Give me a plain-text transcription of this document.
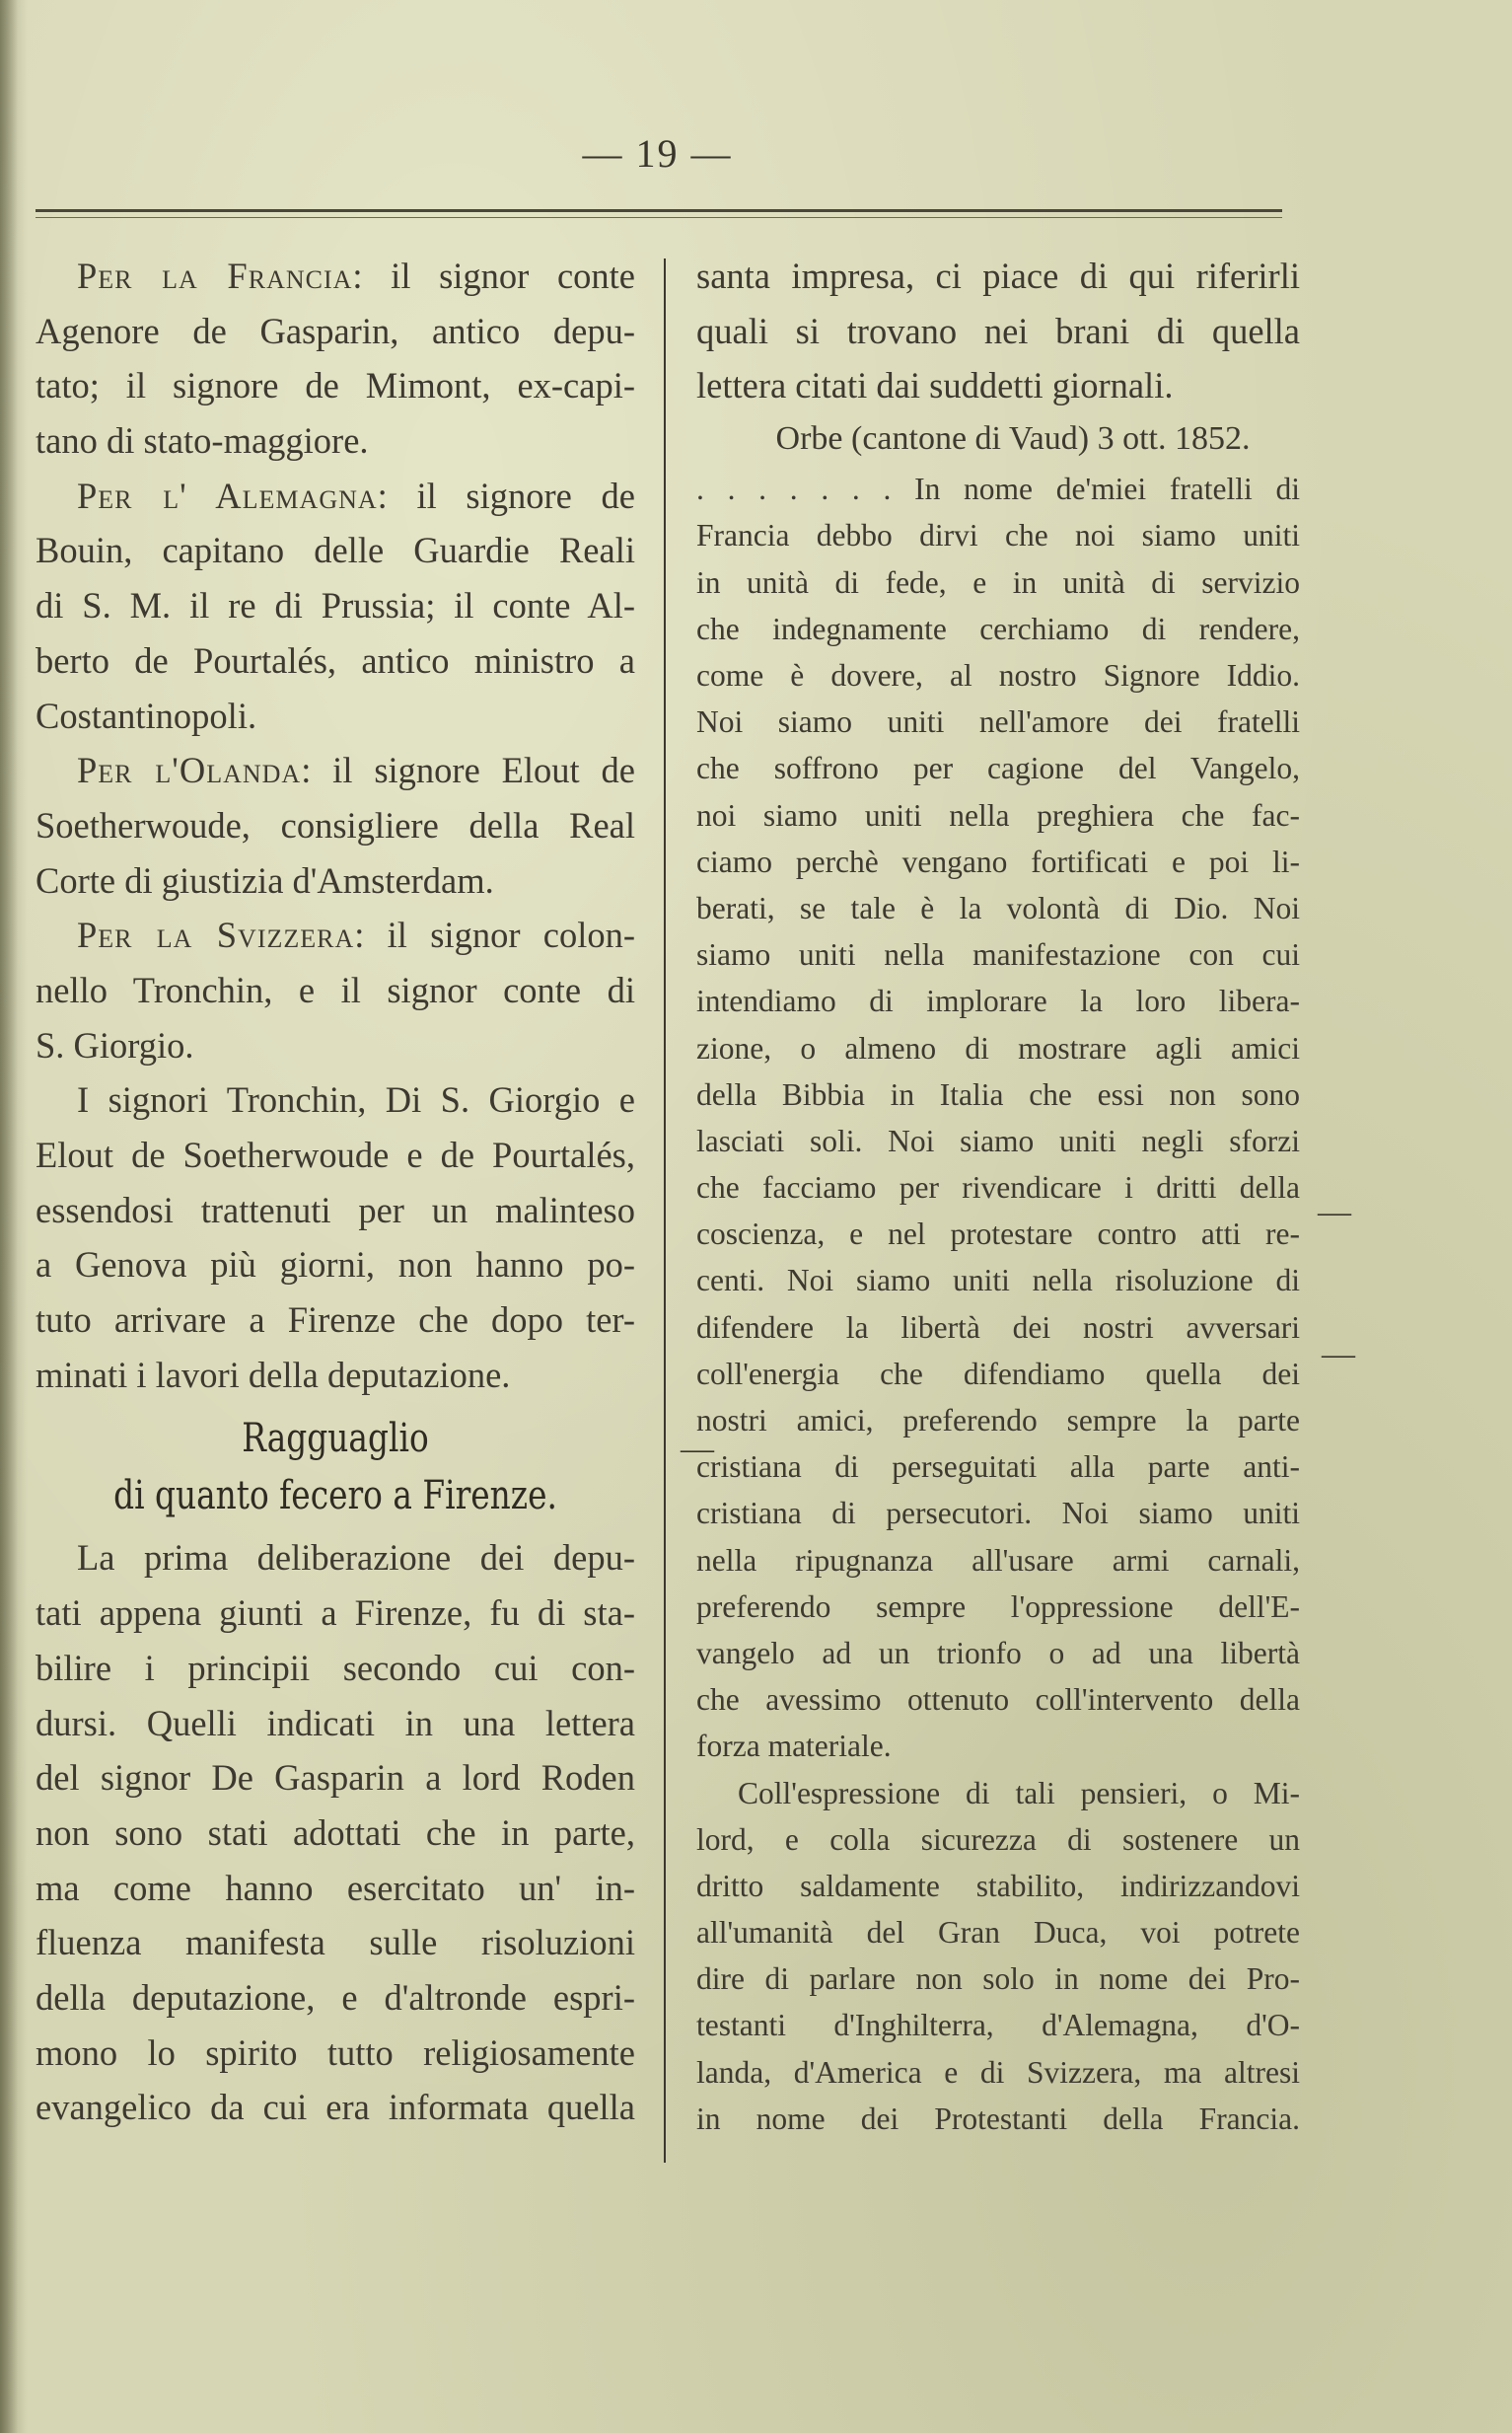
— 19 —
Per la Francia: il signor conte
Agenore de Gasparin, antico depu-
tato; il signore de Mimont, ex-capi-
tano di stato-maggiore.
Per l' Alemagna: il signore de
Bouin, capitano delle Guardie Reali
di S. M. il re di Prussia; il conte Al-
berto de Pourtalés, antico ministro a
Costantinopoli.
Per l'Olanda: il signore Elout de
Soetherwoude, consigliere della Real
Corte di giustizia d'Amsterdam.
Per la Svizzera: il signor colon-
nello Tronchin, e il signor conte di
S. Giorgio.
I signori Tronchin, Di S. Giorgio e
Elout de Soetherwoude e de Pourtalés,
essendosi trattenuti per un malinteso
a Genova più giorni, non hanno po-
tuto arrivare a Firenze che dopo ter-
minati i lavori della deputazione.
Ragguaglio
di quanto fecero a Firenze.
La prima deliberazione dei depu-
tati appena giunti a Firenze, fu di sta-
bilire i principii secondo cui con-
dursi. Quelli indicati in una lettera
del signor De Gasparin a lord Roden
non sono stati adottati che in parte,
ma come hanno esercitato un' in-
fluenza manifesta sulle risoluzioni
della deputazione, e d'altronde espri-
mono lo spirito tutto religiosamente
evangelico da cui era informata quella
santa impresa, ci piace di qui riferirli
quali si trovano nei brani di quella
lettera citati dai suddetti giornali.
Orbe (cantone di Vaud) 3 ott. 1852.
. . . . . . . In nome de'miei fratelli di
Francia debbo dirvi che noi siamo uniti
in unità di fede, e in unità di servizio
che indegnamente cerchiamo di rendere,
come è dovere, al nostro Signore Iddio.
Noi siamo uniti nell'amore dei fratelli
che soffrono per cagione del Vangelo,
noi siamo uniti nella preghiera che fac-
ciamo perchè vengano fortificati e poi li-
berati, se tale è la volontà di Dio. Noi
siamo uniti nella manifestazione con cui
intendiamo di implorare la loro libera-
zione, o almeno di mostrare agli amici
della Bibbia in Italia che essi non sono
lasciati soli. Noi siamo uniti negli sforzi
che facciamo per rivendicare i dritti della
coscienza, e nel protestare contro atti re-
centi. Noi siamo uniti nella risoluzione di
difendere la libertà dei nostri avversari
coll'energia che difendiamo quella dei
nostri amici, preferendo sempre la parte
cristiana di perseguitati alla parte anti-
cristiana di persecutori. Noi siamo uniti
nella ripugnanza all'usare armi carnali,
preferendo sempre l'oppressione dell'E-
vangelo ad un trionfo o ad una libertà
che avessimo ottenuto coll'intervento della
forza materiale.
Coll'espressione di tali pensieri, o Mi-
lord, e colla sicurezza di sostenere un
dritto saldamente stabilito, indirizzandovi
all'umanità del Gran Duca, voi potrete
dire di parlare non solo in nome dei Pro-
testanti d'Inghilterra, d'Alemagna, d'O-
landa, d'America e di Svizzera, ma altresi
in nome dei Protestanti della Francia.
—
—
—
